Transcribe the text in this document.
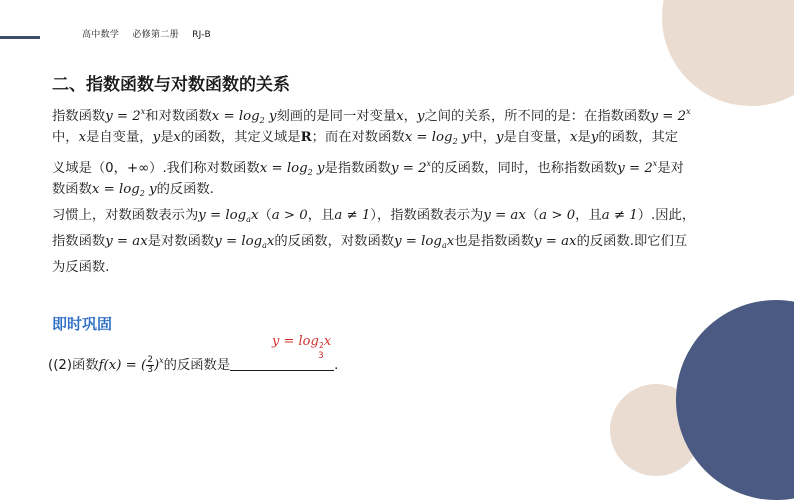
高中数学 必修第二册 RJ-B
二、指数函数与对数函数的关系

指数函数$y = 2^x$和对数函数$x = \log_2 y$刻画的是同一对变量x，y之间的关系，所不同的是：在指数函数$y = 2^x$

中，x是自变量，y是x的函数，其定义域是R；而在对数函数$x = \log_2 y$中，y是自变量，x是y的函数，其定

义域是（0，+∞）.我们称对数函数$x = \log_2 y$是指数函数$y = 2^x$的反函数，同时，也称指数函数$y = 2^x$是对

数函数$x = \log_2 y$的反函数.

习惯上，对数函数表示为$y = \log_ax(a > 0$，且a ≠ 1），指数函数表示为y = ax（a > 0，且a ≠ 1）.因此，

指数函数y = ax是对数函数$y = \log_ax$的反函数，对数函数$y = \log_ax$也是指数函数y = ax的反函数.即它们互

为反函数.

即时巩固
$y = \log_2x$
3
((2)函数f(x) = ( $\frac{2}{3} )^x$的反函数是	.
